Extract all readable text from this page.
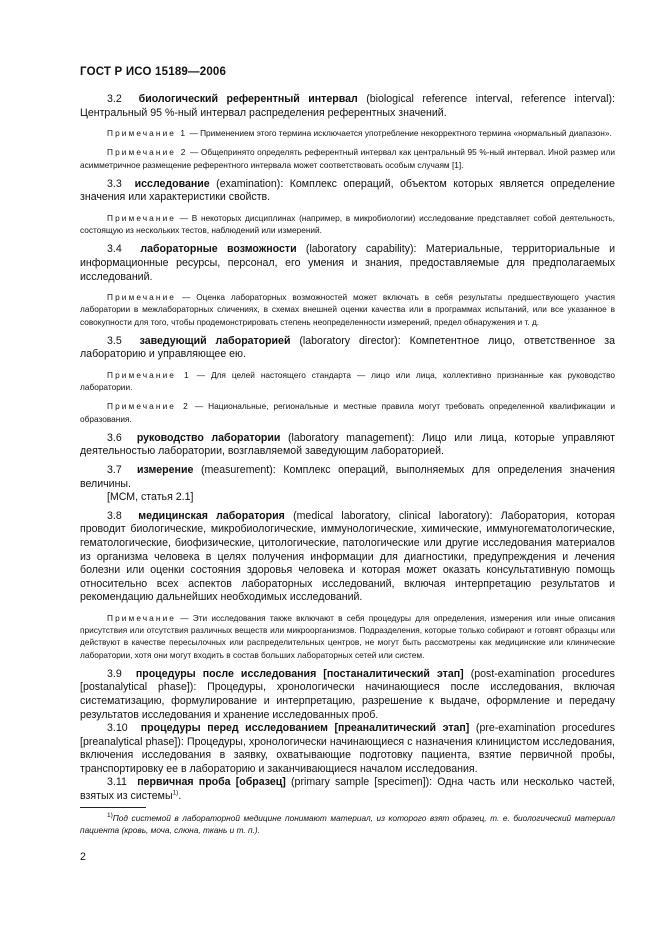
ГОСТ Р ИСО 15189—2006

3.2 биологический референтный интервал (biological reference interval, reference interval): Центральный 95 %-ный интервал распределения референтных значений.

Примечание 1 — Применением этого термина исключается употребление некорректного термина «нормальный диапазон».

Примечание 2 — Общепринято определять референтный интервал как центральный 95 %-ный интервал. Иной размер или асимметричное размещение референтного интервала может соответствовать особым случаям [1].

3.3 исследование (examination): Комплекс операций, объектом которых является определение значения или характеристики свойств.

Примечание — В некоторых дисциплинах (например, в микробиологии) исследование представляет собой деятельность, состоящую из нескольких тестов, наблюдений или измерений.

3.4 лабораторные возможности (laboratory capability): Материальные, территориальные и информационные ресурсы, персонал, его умения и знания, предоставляемые для предполагаемых исследований.

Примечание — Оценка лабораторных возможностей может включать в себя результаты предшествующего участия лаборатории в межлабораторных сличениях, в схемах внешней оценки качества или в программах испытаний, или все указанное в совокупности для того, чтобы продемонстрировать степень неопределенности измерений, предел обнаружения и т. д.

3.5 заведующий лабораторией (laboratory director): Компетентное лицо, ответственное за лабораторию и управляющее ею.

Примечание 1 — Для целей настоящего стандарта — лицо или лица, коллективно признанные как руководство лаборатории.

Примечание 2 — Национальные, региональные и местные правила могут требовать определенной квалификации и образования.

3.6 руководство лаборатории (laboratory management): Лицо или лица, которые управляют деятельностью лаборатории, возглавляемой заведующим лабораторией.

3.7 измерение (measurement): Комплекс операций, выполняемых для определения значения величины.

[МСМ, статья 2.1]

3.8 медицинская лаборатория (medical laboratory, clinical laboratory): Лаборатория, которая проводит биологические, микробиологические, иммунологические, химические, иммуногематологические, гематологические, биофизические, цитологические, патологические или другие исследования материалов из организма человека в целях получения информации для диагностики, предупреждения и лечения болезни или оценки состояния здоровья человека и которая может оказать консультативную помощь относительно всех аспектов лабораторных исследований, включая интерпретацию результатов и рекомендацию дальнейших необходимых исследований.

Примечание — Эти исследования также включают в себя процедуры для определения, измерения или иные описания присутствия или отсутствия различных веществ или микроорганизмов. Подразделения, которые только собирают и готовят образцы или действуют в качестве пересылочных или распределительных центров, не могут быть рассмотрены как медицинские или клинические лаборатории, хотя они могут входить в состав больших лабораторных сетей или систем.

3.9 процедуры после исследования [постаналитический этап] (post-examination procedures [postanalytical phase]): Процедуры, хронологически начинающиеся после исследования, включая систематизацию, формулирование и интерпретацию, разрешение к выдаче, оформление и передачу результатов исследования и хранение исследованных проб.

3.10 процедуры перед исследованием [преаналитический этап] (pre-examination procedures [preanalytical phase]): Процедуры, хронологически начинающиеся с назначения клиницистом исследования, включения исследования в заявку, охватывающие подготовку пациента, взятие первичной пробы, транспортировку ее в лабораторию и заканчивающиеся началом исследования.

3.11 первичная проба [образец] (primary sample [specimen]): Одна часть или несколько частей, взятых из системы$^{1)}$.

$^{1)}$Под системой в лабораторной медицине понимают материал, из которого взят образец, т. е. биологический материал пациента (кровь, моча, слюна, ткань и т. п.).

2
